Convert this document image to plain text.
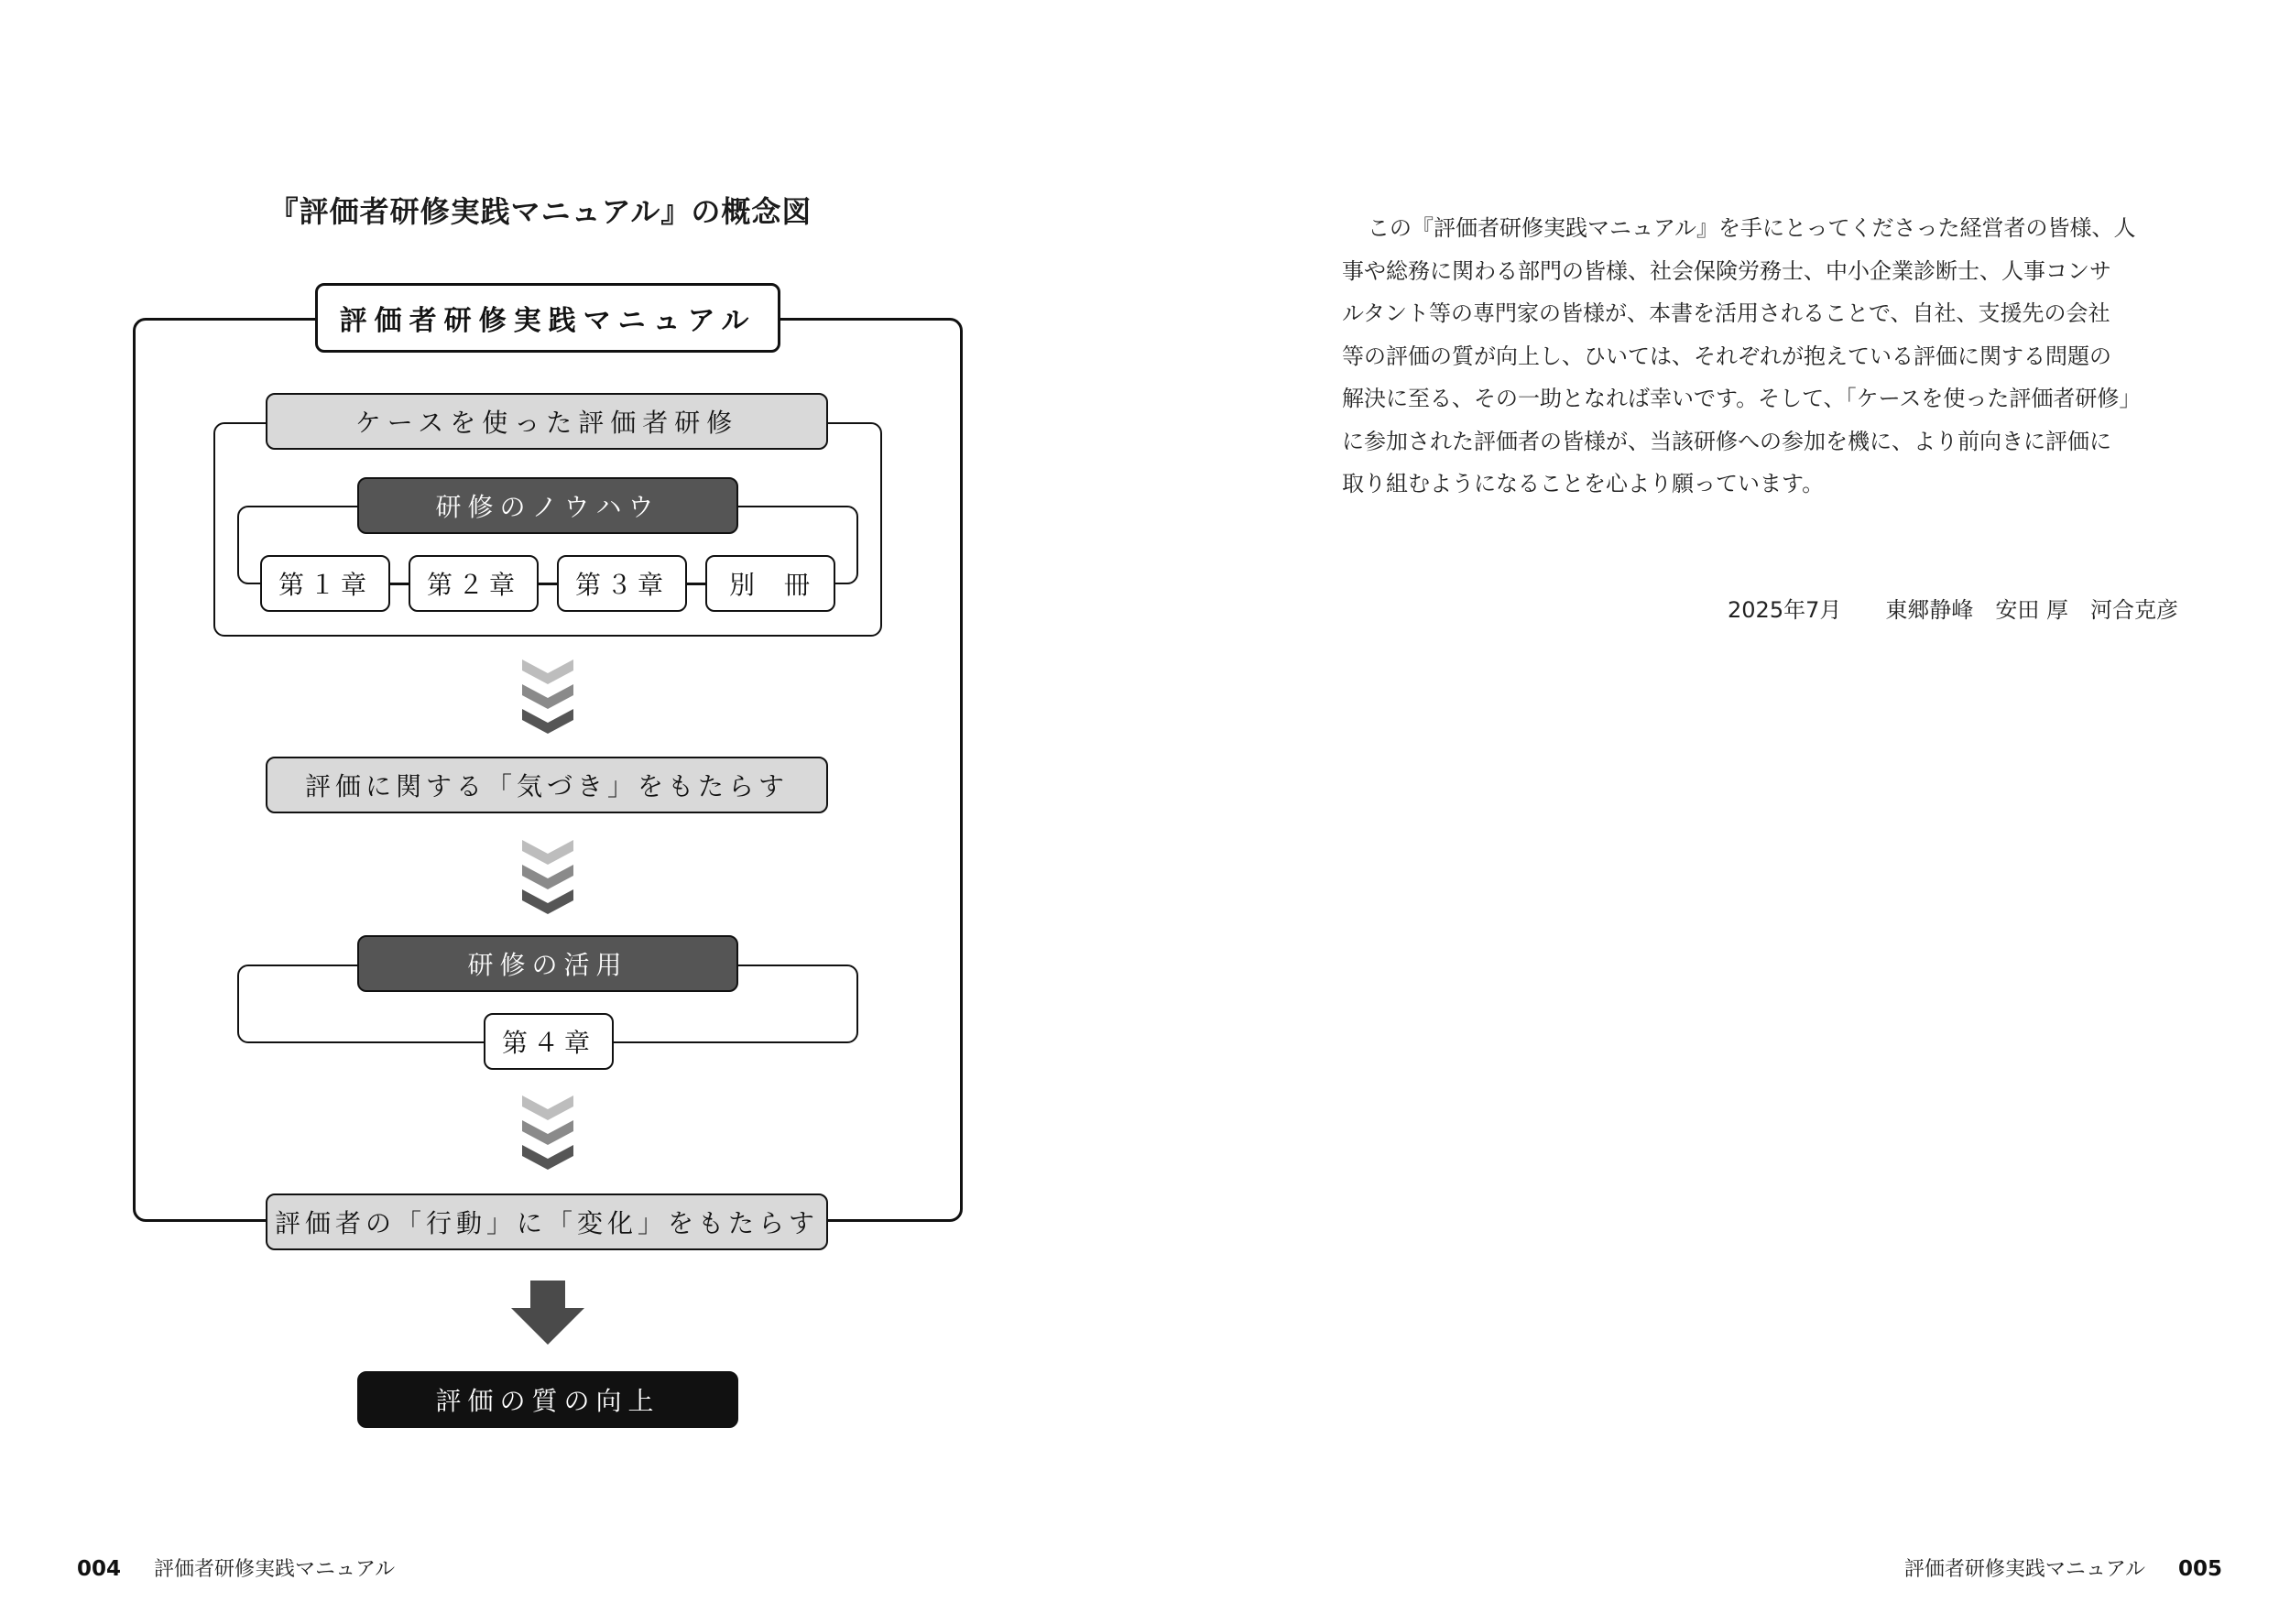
『評価者研修実践マニュアル』の概念図
評価者研修実践マニュアル
ケースを使った評価者研修
研修のノウハウ
第１章 第２章 第３章 別　冊
評価に関する「気づき」をもたらす
研修の活用
第４章
評価者の「行動」に「変化」をもたらす
評価の質の向上
この『評価者研修実践マニュアル』を手にとってくださった経営者の皆様、人
事や総務に関わる部門の皆様、社会保険労務士、中小企業診断士、人事コンサ
ルタント等の専門家の皆様が、本書を活用されることで、自社、支援先の会社
等の評価の質が向上し、ひいては、それぞれが抱えている評価に関する問題の
解決に至る、その一助となれば幸いです。そして、「ケースを使った評価者研修」
に参加された評価者の皆様が、当該研修への参加を機に、より前向きに評価に
取り組むようになることを心より願っています。
2025年7月　　東郷静峰　安田 厚　河合克彦
004 評価者研修実践マニュアル	評価者研修実践マニュアル 005
